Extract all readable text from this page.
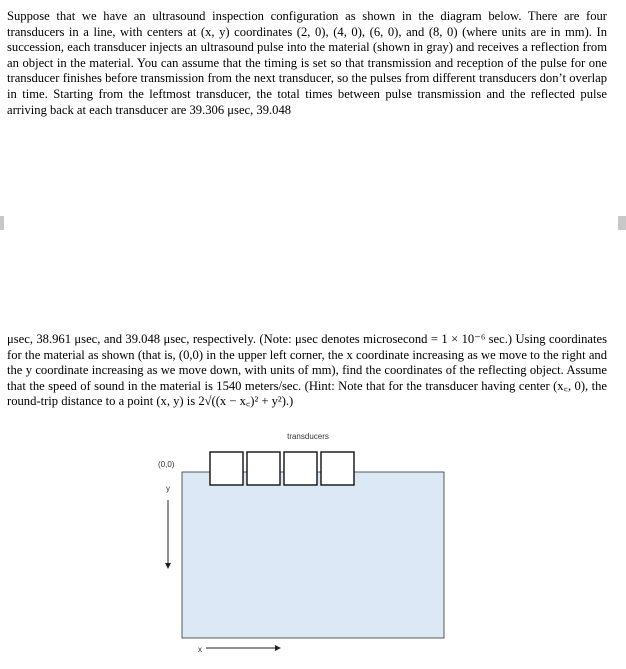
Suppose that we have an ultrasound inspection configuration as shown in the diagram below. There are four transducers in a line, with centers at (x, y) coordinates (2, 0), (4, 0), (6, 0), and (8, 0) (where units are in mm). In succession, each transducer injects an ultrasound pulse into the material (shown in gray) and receives a reflection from an object in the material. You can assume that the timing is set so that transmission and reception of the pulse for one transducer finishes before transmission from the next transducer, so the pulses from different transducers don’t overlap in time. Starting from the leftmost transducer, the total times between pulse transmission and the reflected pulse arriving back at each transducer are 39.306 μsec, 39.048

μsec, 38.961 μsec, and 39.048 μsec, respectively. (Note: μsec denotes microsecond = 1 × 10⁻⁶ sec.) Using coordinates for the material as shown (that is, (0,0) in the upper left corner, the x coordinate increasing as we move to the right and the y coordinate increasing as we move down, with units of mm), find the coordinates of the reflecting object. Assume that the speed of sound in the material is 1540 meters/sec. (Hint: Note that for the transducer having center (x꜀, 0), the round-trip distance to a point (x, y) is 2√((x − x꜀)² + y²).)

transducers
(0,0)
y
x
